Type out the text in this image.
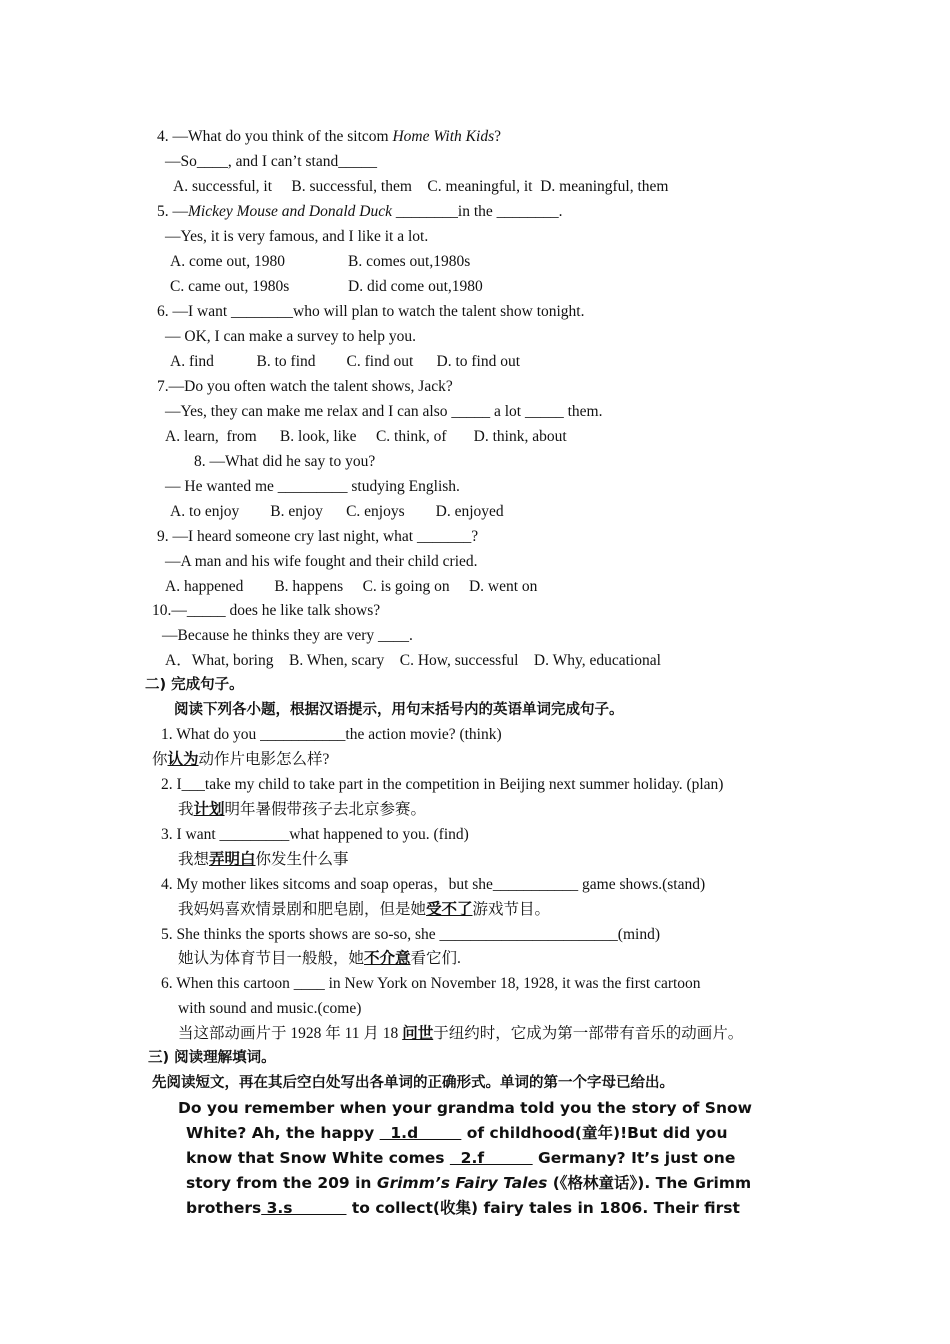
4. —What do you think of the sitcom Home With Kids?
—So____, and I can’t stand_____
A. successful, it     B. successful, them    C. meaningful, it  D. meaningful, them
5. —Mickey Mouse and Donald Duck ________in the ________.
—Yes, it is very famous, and I like it a lot.
A. come out, 1980	B. comes out,1980s
C. came out, 1980s	D. did come out,1980
6. —I want ________who will plan to watch the talent show tonight.
— OK, I can make a survey to help you.
A. find           B. to find        C. find out      D. to find out
7.—Do you often watch the talent shows, Jack?
—Yes, they can make me relax and I can also _____ a lot _____ them.
A. learn,  from      B. look, like     C. think, of       D. think, about
8. —What did he say to you?
— He wanted me _________ studying English.
A. to enjoy        B. enjoy      C. enjoys        D. enjoyed
9. —I heard someone cry last night, what _______?
—A man and his wife fought and their child cried.
A. happened        B. happens     C. is going on     D. went on
10.—_____ does he like talk shows?
—Because he thinks they are very ____.
A．What, boring    B. When, scary    C. How, successful    D. Why, educational
二) 完成句子。
阅读下列各小题，根据汉语提示，用句末括号内的英语单词完成句子。
1. What do you ___________the action movie? (think)
你认为动作片电影怎么样?
2. I___take my child to take part in the competition in Beijing next summer holiday. (plan)
我计划明年暑假带孩子去北京参赛。
3. I want _________what happened to you. (find)
我想弄明白你发生什么事
4. My mother likes sitcoms and soap operas，but she___________ game shows.(stand)
我妈妈喜欢情景剧和肥皂剧，但是她受不了游戏节目。
5. She thinks the sports shows are so-so, she _______________________(mind)
她认为体育节目一般般，她不介意看它们.
6. When this cartoon ____ in New York on November 18, 1928, it was the first cartoon
with sound and music.(come)
当这部动画片于 1928 年 11 月 18 问世于纽约时，它成为第一部带有音乐的动画片。
三) 阅读理解填词。
先阅读短文，再在其后空白处写出各单词的正确形式。单词的第一个字母已给出。
Do you remember when your grandma told you the story of Snow
White? Ah, the happy   1.d         of childhood(童年)!But did you
know that Snow White comes   2.f          Germany? It’s just one
story from the 209 in Grimm’s Fairy Tales (《格林童话》). The Grimm
brothers 3.s           to collect(收集) fairy tales in 1806. Their first
